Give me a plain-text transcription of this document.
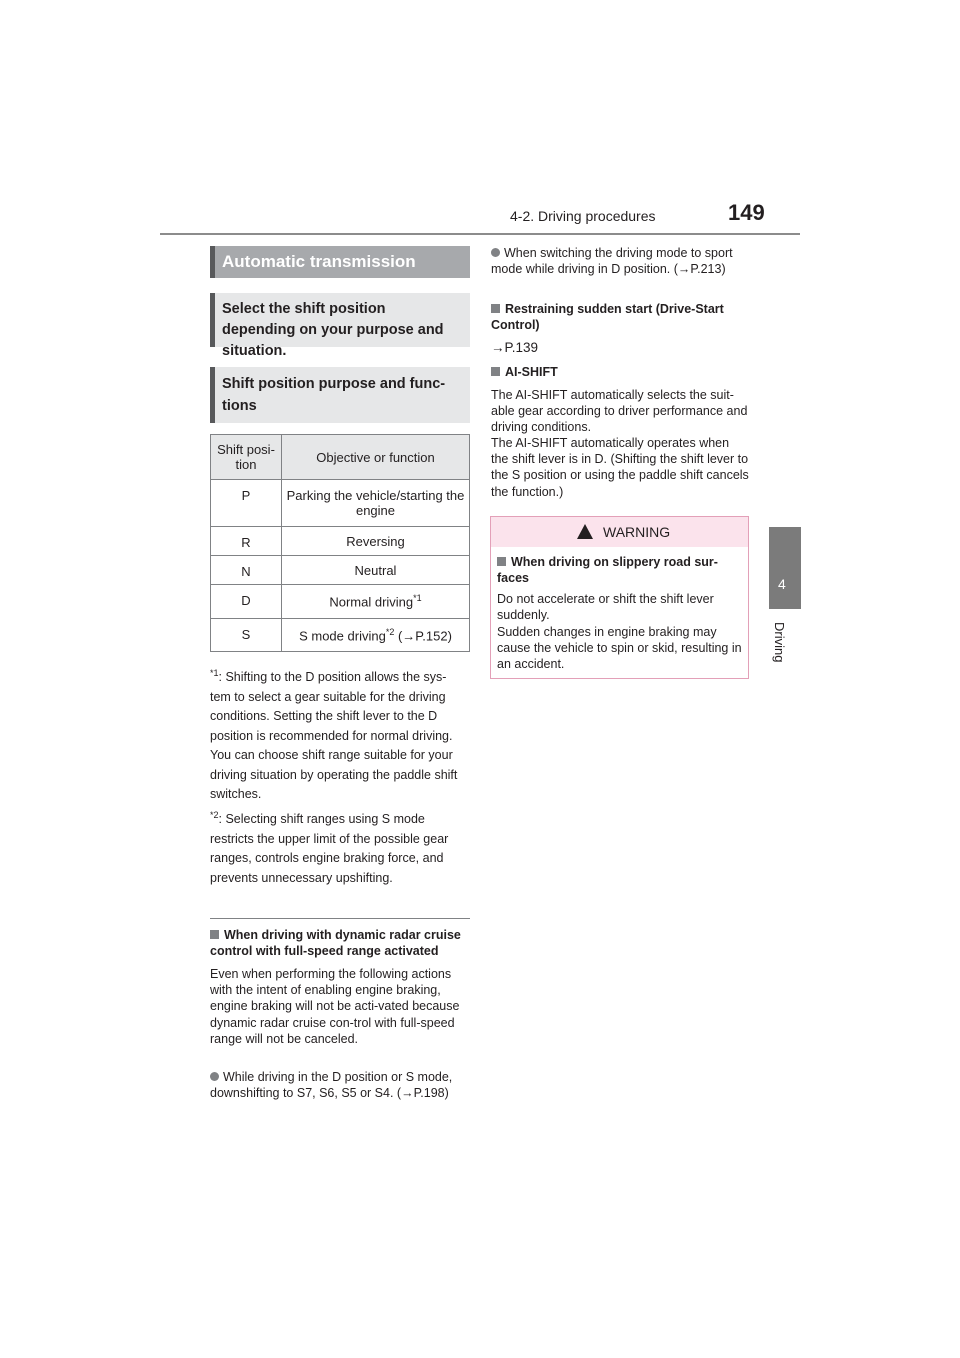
4-2. Driving procedures	149
4
Driving
Automatic transmission
Select the shift position depending on your purpose and situation.
Shift position purpose and func-tions
Shift posi-tion	Objective or function
P	Parking the vehicle/starting the engine
R	Reversing
N	Neutral
D	Normal driving$^{*1}$
S	S mode driving$^{*2}$ (→P.152)
$^{*1}$: Shifting to the D position allows the sys-tem to select a gear suitable for the driving conditions. Setting the shift lever to the D position is recommended for normal driving. You can choose shift range suitable for your driving situation by operating the paddle shift switches.
$^{*2}$: Selecting shift ranges using S mode restricts the upper limit of the possible gear ranges, controls engine braking force, and prevents unnecessary upshifting.
When driving with dynamic radar cruise control with full-speed range activated
Even when performing the following actions with the intent of enabling engine braking, engine braking will not be acti-vated because dynamic radar cruise con-trol with full-speed range will not be canceled.
While driving in the D position or S mode, downshifting to S7, S6, S5 or S4. (→P.198)
When switching the driving mode to sport mode while driving in D position. (→P.213)
Restraining sudden start (Drive-Start Control)
→P.139
AI-SHIFT
The AI-SHIFT automatically selects the suit-able gear according to driver performance and driving conditions.
The AI-SHIFT automatically operates when the shift lever is in D. (Shifting the shift lever to the S position or using the paddle shift cancels the function.)
WARNING
When driving on slippery road sur-faces
Do not accelerate or shift the shift lever suddenly.
Sudden changes in engine braking may cause the vehicle to spin or skid, resulting in an accident.
